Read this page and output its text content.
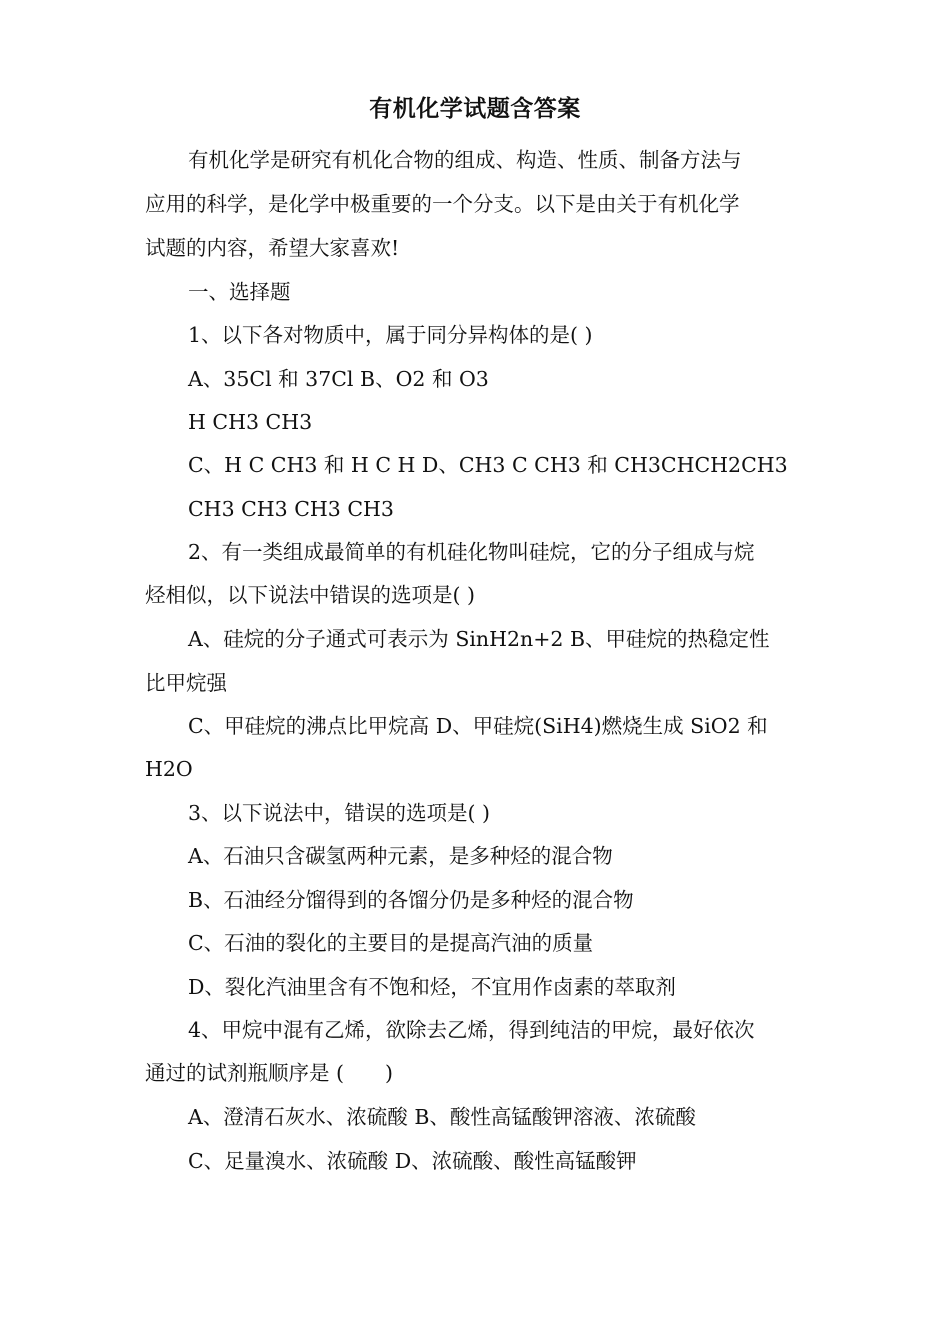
有机化学试题含答案

有机化学是研究有机化合物的组成、构造、性质、制备方法与

应用的科学，是化学中极重要的一个分支。以下是由关于有机化学

试题的内容，希望大家喜欢!

一、选择题

1、以下各对物质中，属于同分异构体的是( )

A、35Cl 和 37Cl B、O2 和 O3

H CH3 CH3

C、H C CH3 和 H C H D、CH3 C CH3 和 CH3CHCH2CH3

CH3 CH3 CH3 CH3

2、有一类组成最简单的有机硅化物叫硅烷，它的分子组成与烷

烃相似，以下说法中错误的选项是( )

A、硅烷的分子通式可表示为 SinH2n+2 B、甲硅烷的热稳定性

比甲烷强

C、甲硅烷的沸点比甲烷高 D、甲硅烷(SiH4)燃烧生成 SiO2 和

H2O

3、以下说法中，错误的选项是( )

A、石油只含碳氢两种元素，是多种烃的混合物

B、石油经分馏得到的各馏分仍是多种烃的混合物

C、石油的裂化的主要目的是提高汽油的质量

D、裂化汽油里含有不饱和烃，不宜用作卤素的萃取剂

4、甲烷中混有乙烯，欲除去乙烯，得到纯洁的甲烷，最好依次

通过的试剂瓶顺序是 (　　)

A、澄清石灰水、浓硫酸 B、酸性高锰酸钾溶液、浓硫酸

C、足量溴水、浓硫酸 D、浓硫酸、酸性高锰酸钾
